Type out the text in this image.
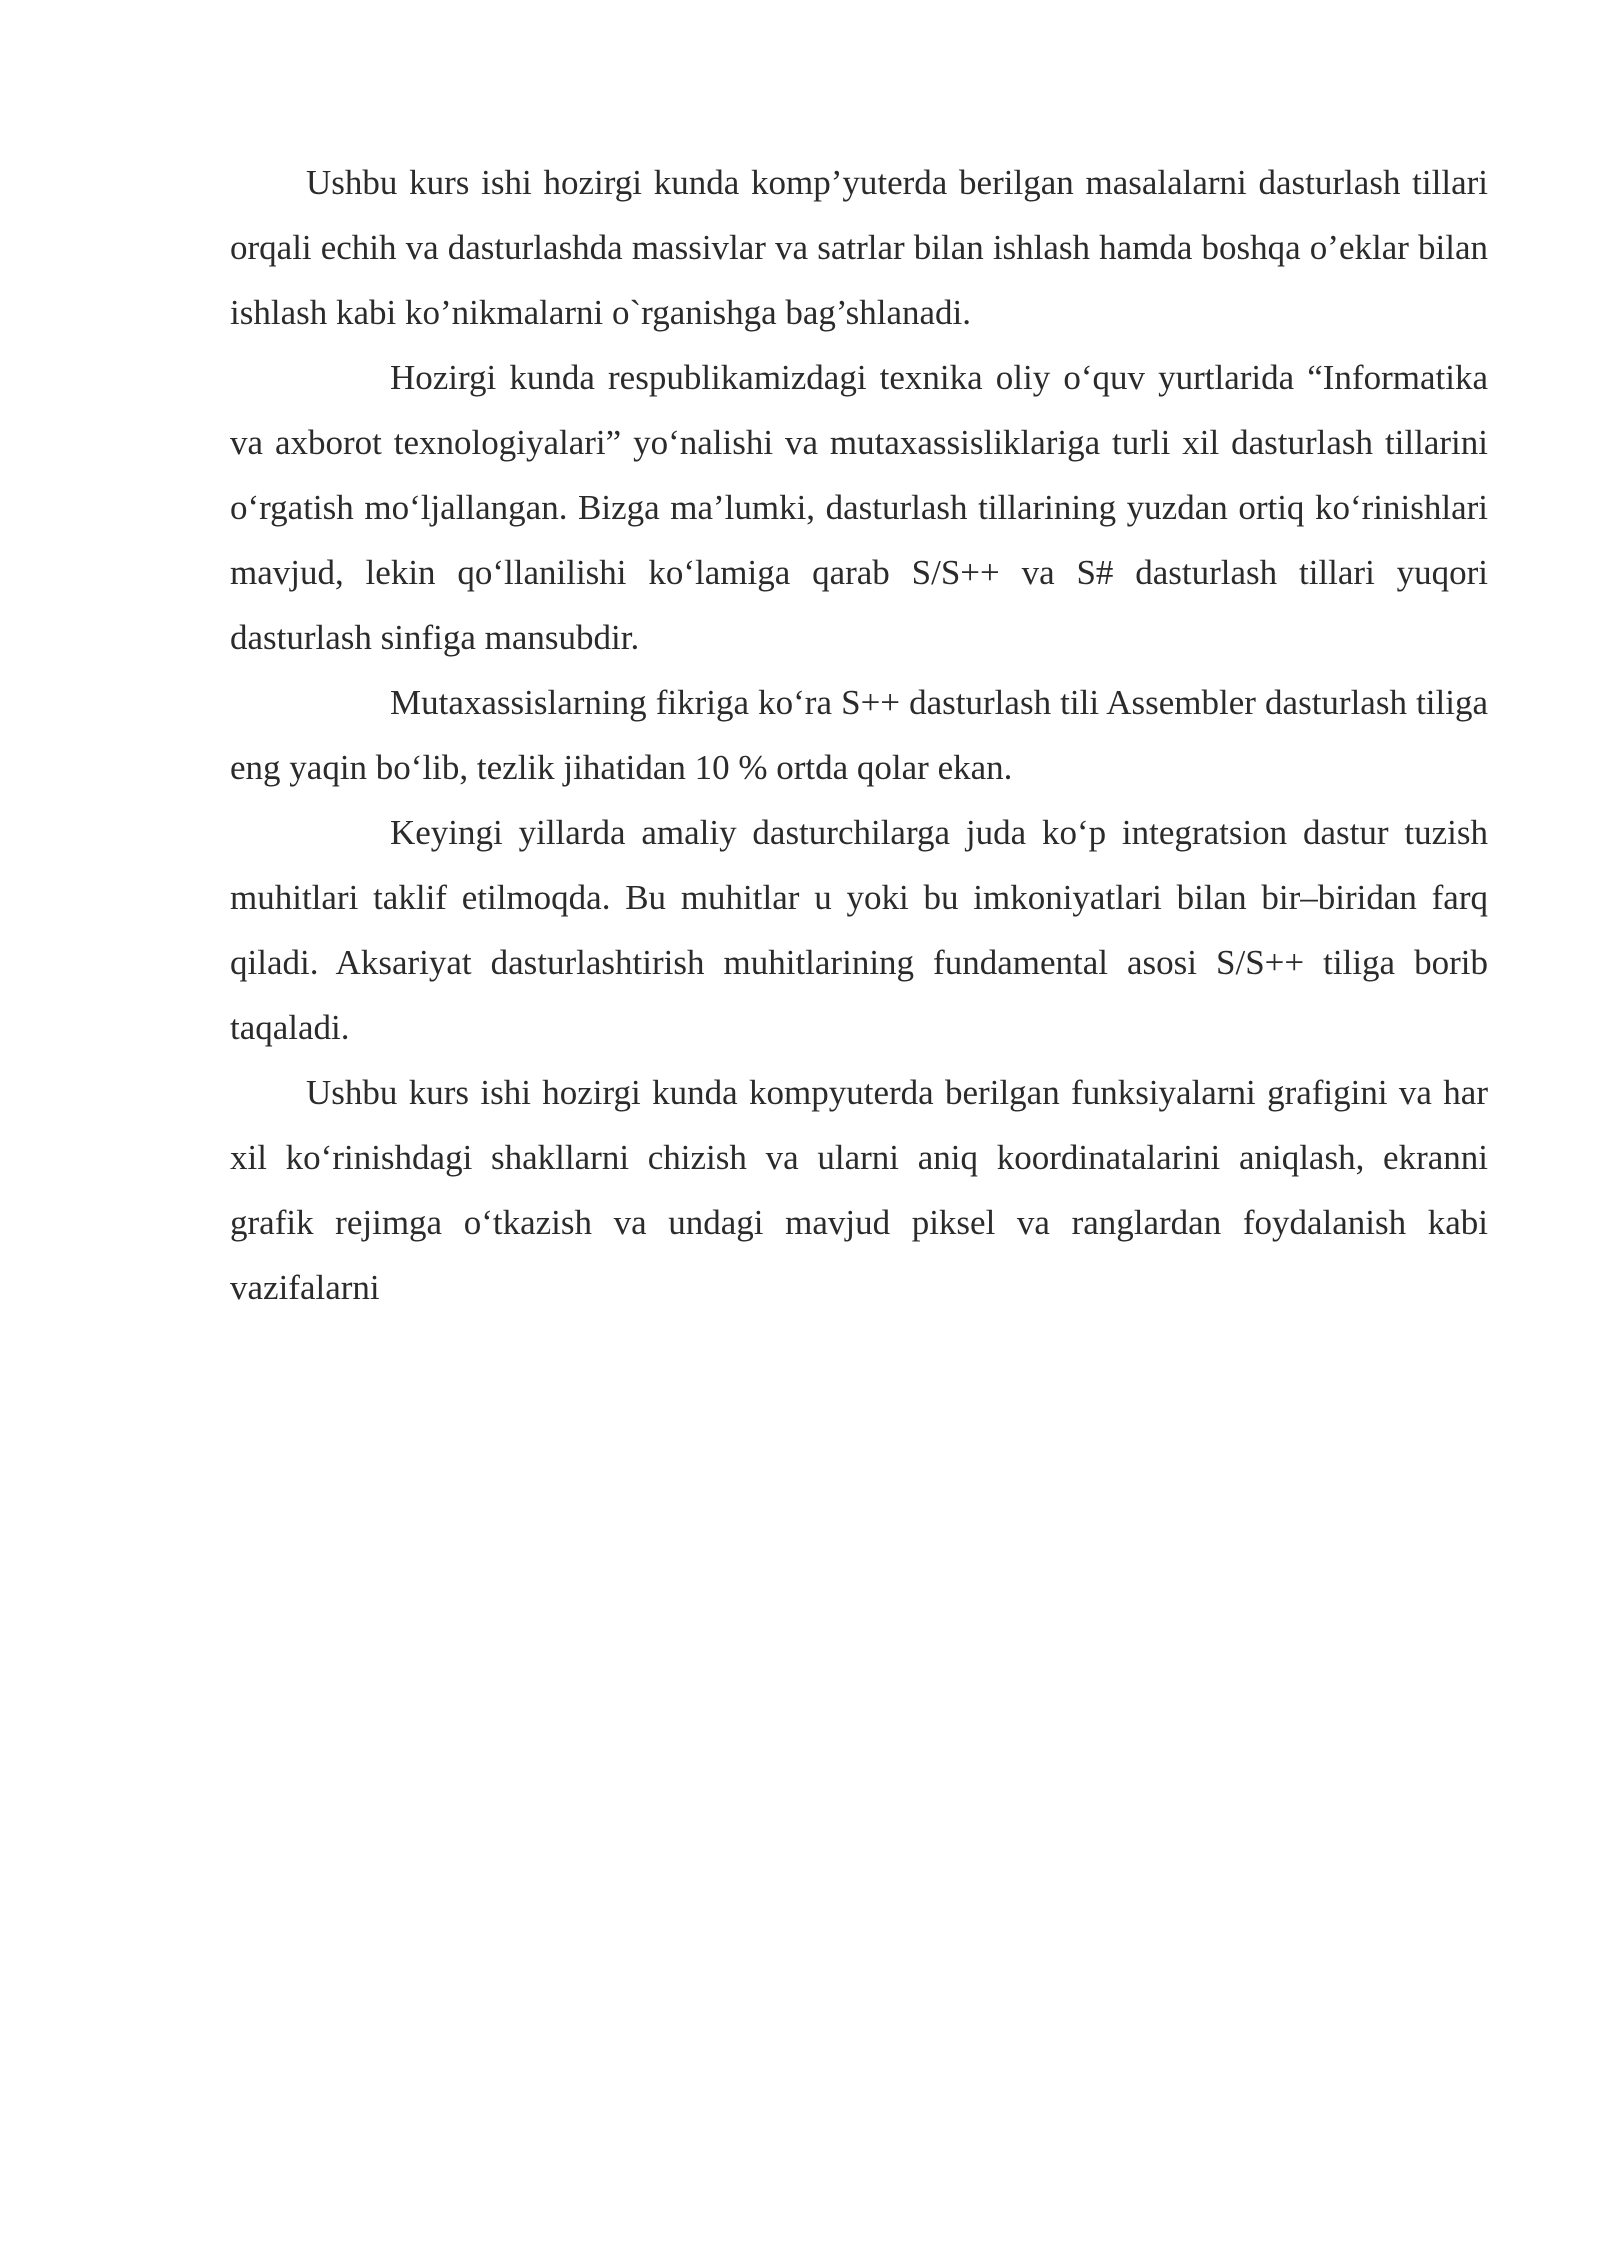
Ushbu kurs ishi hozirgi kunda komp’yuterda berilgan masalalarni dasturlash tillari orqali echih va dasturlashda massivlar va satrlar bilan ishlash hamda boshqa o’eklar bilan ishlash kabi ko’nikmalarni o`rganishga bag’shlanadi.

Hozirgi kunda respublikamizdagi texnika oliy o‘quv yurtlarida “Informatika va axborot texnologiyalari” yo‘nalishi va mutaxassisliklariga turli xil dasturlash tillarini o‘rgatish mo‘ljallangan. Bizga ma’lumki, dasturlash tillarining yuzdan ortiq ko‘rinishlari mavjud, lekin qo‘llanilishi ko‘lamiga qarab S/S++ va S# dasturlash tillari yuqori dasturlash sinfiga mansubdir.

Mutaxassislarning fikriga ko‘ra S++ dasturlash tili Assembler dasturlash tiliga eng yaqin bo‘lib, tezlik jihatidan 10 % ortda qolar ekan.

Keyingi yillarda amaliy dasturchilarga juda ko‘p integratsion dastur tuzish muhitlari taklif etilmoqda. Bu muhitlar u yoki bu imkoniyatlari bilan bir–biridan farq qiladi. Aksariyat dasturlashtirish muhitlarining fundamental asosi S/S++ tiliga borib taqaladi.

Ushbu kurs ishi hozirgi kunda kompyuterda berilgan funksiyalarni grafigini va har xil ko‘rinishdagi shakllarni chizish va ularni aniq koordinatalarini aniqlash, ekranni grafik rejimga o‘tkazish va undagi mavjud piksel va ranglardan foydalanish kabi vazifalarni
